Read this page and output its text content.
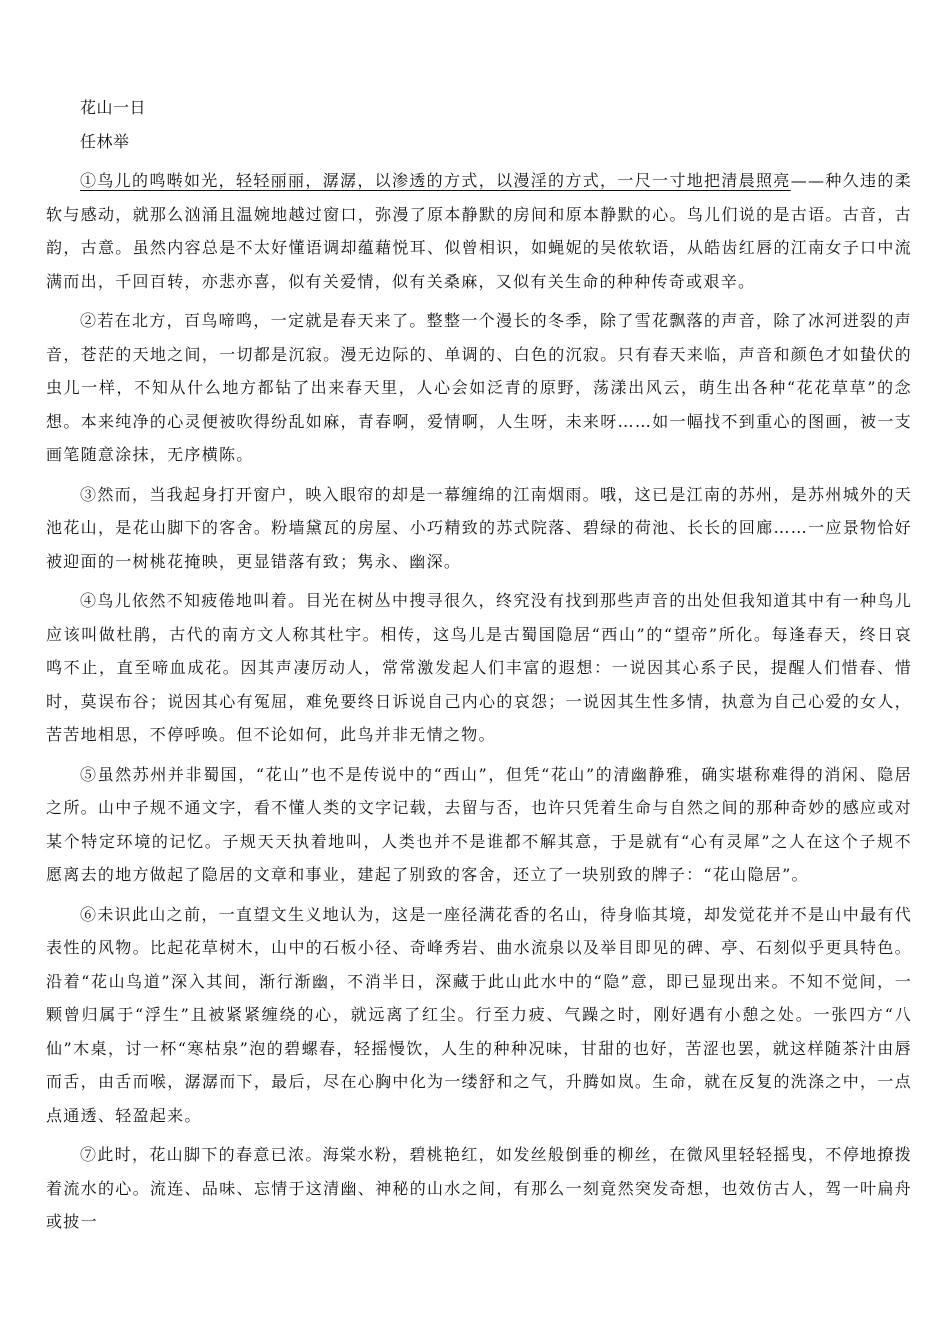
花山一日

任林举

①鸟儿的鸣啭如光，轻轻丽丽，潺潺，以渗透的方式，以漫淫的方式，一尺一寸地把清晨照亮——种久违的柔软与感动，就那么汹涌且温婉地越过窗口，弥漫了原本静默的房间和原本静默的心。鸟儿们说的是古语。古音，古韵，古意。虽然内容总是不太好懂语调却蕴藉悦耳、似曾相识，如蝇妮的吴侬软语，从皓齿红唇的江南女子口中流满而出，千回百转，亦悲亦喜，似有关爱情，似有关桑麻，又似有关生命的种种传奇或艰辛。

②若在北方，百鸟啼鸣，一定就是春天来了。整整一个漫长的冬季，除了雪花飘落的声音，除了冰河迸裂的声音，苍茫的天地之间，一切都是沉寂。漫无边际的、单调的、白色的沉寂。只有春天来临，声音和颜色才如蛰伏的虫儿一样，不知从什么地方都钻了出来春天里，人心会如泛青的原野，荡漾出风云，萌生出各种“花花草草”的念想。本来纯净的心灵便被吹得纷乱如麻，青春啊，爱情啊，人生呀，未来呀……如一幅找不到重心的图画，被一支画笔随意涂抹，无序横陈。

③然而，当我起身打开窗户，映入眼帘的却是一幕缠绵的江南烟雨。哦，这已是江南的苏州，是苏州城外的天池花山，是花山脚下的客舍。粉墙黛瓦的房屋、小巧精致的苏式院落、碧绿的荷池、长长的回廊……一应景物恰好被迎面的一树桃花掩映，更显错落有致；隽永、幽深。

④鸟儿依然不知疲倦地叫着。目光在树丛中搜寻很久，终究没有找到那些声音的出处但我知道其中有一种鸟儿应该叫做杜鹃，古代的南方文人称其杜宇。相传，这鸟儿是古蜀国隐居“西山”的“望帝”所化。每逢春天，终日哀鸣不止，直至啼血成花。因其声凄厉动人，常常激发起人们丰富的遐想：一说因其心系子民，提醒人们惜春、惜时，莫误布谷；说因其心有冤屈，难免要终日诉说自己内心的哀怨；一说因其生性多情，执意为自己心爱的女人，苦苦地相思，不停呼唤。但不论如何，此鸟并非无情之物。

⑤虽然苏州并非蜀国，“花山”也不是传说中的“西山”，但凭“花山”的清幽静雅，确实堪称难得的消闲、隐居之所。山中子规不通文字，看不懂人类的文字记载，去留与否，也许只凭着生命与自然之间的那种奇妙的感应或对某个特定环境的记忆。子规天天执着地叫，人类也并不是谁都不解其意，于是就有“心有灵犀”之人在这个子规不愿离去的地方做起了隐居的文章和事业，建起了别致的客舍，还立了一块别致的牌子：“花山隐居”。

⑥未识此山之前，一直望文生义地认为，这是一座径满花香的名山，待身临其境，却发觉花并不是山中最有代表性的风物。比起花草树木，山中的石板小径、奇峰秀岩、曲水流泉以及举目即见的碑、亭、石刻似乎更具特色。沿着“花山鸟道”深入其间，渐行渐幽，不消半日，深藏于此山此水中的“隐”意，即已显现出来。不知不觉间，一颗曾归属于“浮生”且被紧紧缠绕的心，就远离了红尘。行至力疲、气躁之时，刚好遇有小憩之处。一张四方“八仙”木桌，讨一杯“寒枯泉”泡的碧螺春，轻摇慢饮，人生的种种况味，甘甜的也好，苦涩也罢，就这样随茶汁由唇而舌，由舌而喉，潺潺而下，最后，尽在心胸中化为一缕舒和之气，升腾如岚。生命，就在反复的洗涤之中，一点点通透、轻盈起来。

⑦此时，花山脚下的春意已浓。海棠水粉，碧桃艳红，如发丝般倒垂的柳丝，在微风里轻轻摇曳，不停地撩拨着流水的心。流连、品味、忘情于这清幽、神秘的山水之间，有那么一刻竟然突发奇想，也效仿古人，驾一叶扁舟或披一
